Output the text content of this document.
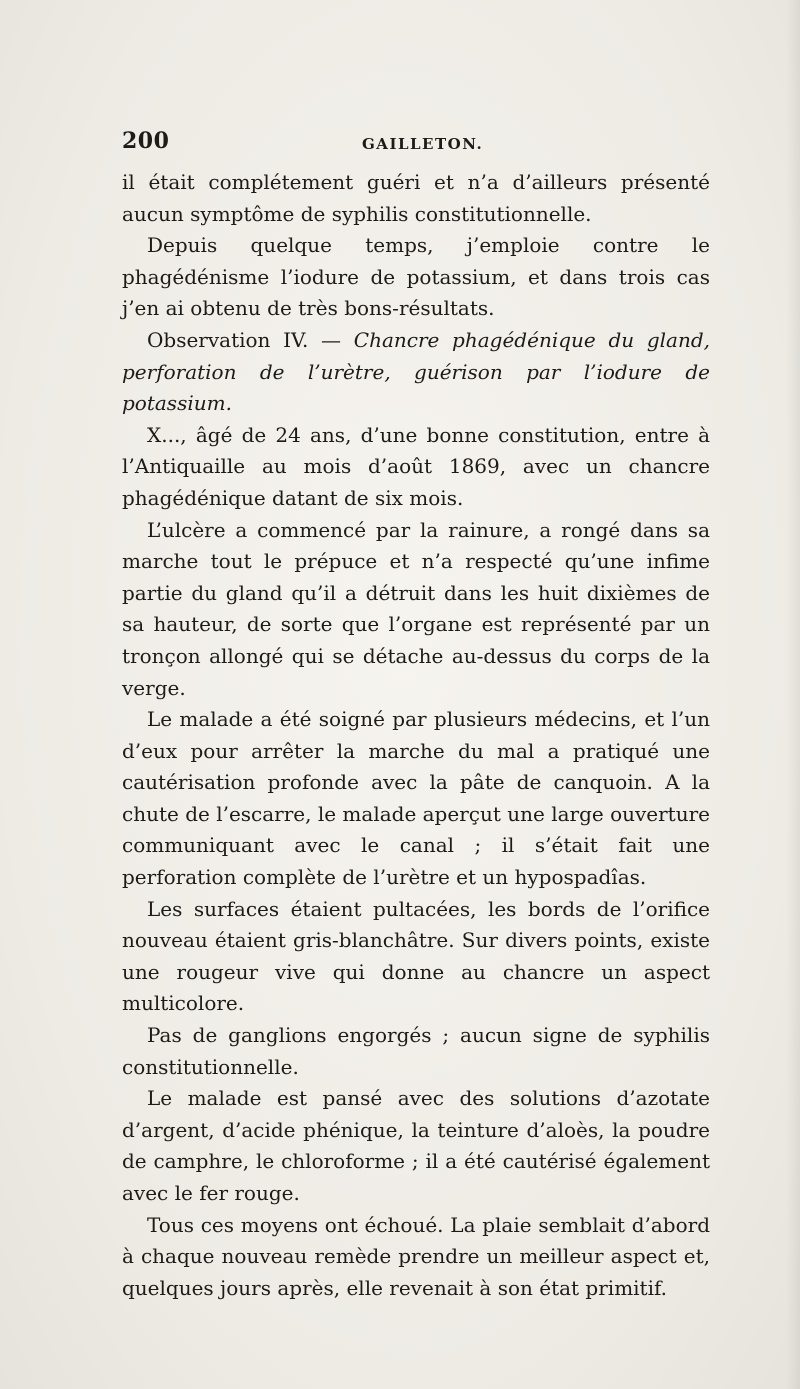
200	GAILLETON.

il était complétement guéri et n’a d’ailleurs présenté aucun symptôme de syphilis constitutionnelle.

Depuis quelque temps, j’emploie contre le phagédénisme l’iodure de potassium, et dans trois cas j’en ai obtenu de très bons-résultats.

Observation IV. — Chancre phagédénique du gland, perforation de l’urètre, guérison par l’iodure de potassium.

X..., âgé de 24 ans, d’une bonne constitution, entre à l’Antiquaille au mois d’août 1869, avec un chancre phagédénique datant de six mois.

L’ulcère a commencé par la rainure, a rongé dans sa marche tout le prépuce et n’a respecté qu’une infime partie du gland qu’il a détruit dans les huit dixièmes de sa hauteur, de sorte que l’organe est représenté par un tronçon allongé qui se détache au-dessus du corps de la verge.

Le malade a été soigné par plusieurs médecins, et l’un d’eux pour arrêter la marche du mal a pratiqué une cautérisation profonde avec la pâte de canquoin. A la chute de l’escarre, le malade aperçut une large ouverture communiquant avec le canal ; il s’était fait une perforation complète de l’urètre et un hypospadîas.

Les surfaces étaient pultacées, les bords de l’orifice nouveau étaient gris-blanchâtre. Sur divers points, existe une rougeur vive qui donne au chancre un aspect multicolore.

Pas de ganglions engorgés ; aucun signe de syphilis constitutionnelle.

Le malade est pansé avec des solutions d’azotate d’argent, d’acide phénique, la teinture d’aloès, la poudre de camphre, le chloroforme ; il a été cautérisé également avec le fer rouge.

Tous ces moyens ont échoué. La plaie semblait d’abord à chaque nouveau remède prendre un meilleur aspect et, quelques jours après, elle revenait à son état primitif.
